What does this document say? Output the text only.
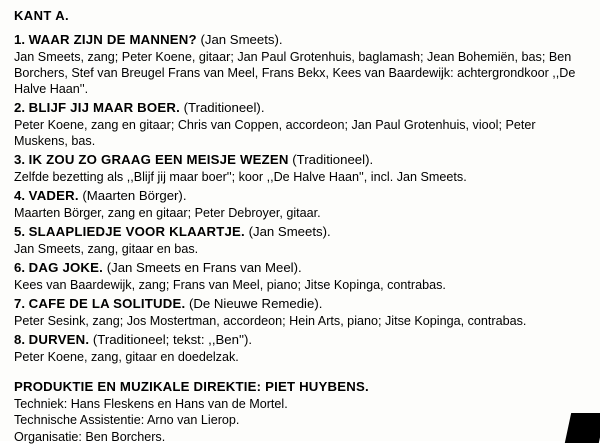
KANT A.
1. WAAR ZIJN DE MANNEN? (Jan Smeets).
Jan Smeets, zang; Peter Koene, gitaar; Jan Paul Grotenhuis, baglamash; Jean Bohemiën, bas; Ben Borchers, Stef van Breugel Frans van Meel, Frans Bekx, Kees van Baardewijk: achtergrondkoor ,,De Halve Haan''.
2. BLIJF JIJ MAAR BOER. (Traditioneel).
Peter Koene, zang en gitaar; Chris van Coppen, accordeon; Jan Paul Grotenhuis, viool; Peter Muskens, bas.
3. IK ZOU ZO GRAAG EEN MEISJE WEZEN (Traditioneel).
Zelfde bezetting als ,,Blijf jij maar boer''; koor ,,De Halve Haan'', incl. Jan Smeets.
4. VADER. (Maarten Börger).
Maarten Börger, zang en gitaar; Peter Debroyer, gitaar.
5. SLAAPLIEDJE VOOR KLAARTJE. (Jan Smeets).
Jan Smeets, zang, gitaar en bas.
6. DAG JOKE. (Jan Smeets en Frans van Meel).
Kees van Baardewijk, zang; Frans van Meel, piano; Jitse Kopinga, contrabas.
7. CAFE DE LA SOLITUDE. (De Nieuwe Remedie).
Peter Sesink, zang; Jos Mostertman, accordeon; Hein Arts, piano; Jitse Kopinga, contrabas.
8. DURVEN. (Traditioneel; tekst: ,,Ben'').
Peter Koene, zang, gitaar en doedelzak.
PRODUKTIE EN MUZIKALE DIREKTIE: PIET HUYBENS.
Techniek: Hans Fleskens en Hans van de Mortel.
Technische Assistentie: Arno van Lierop.
Organisatie: Ben Borchers.
